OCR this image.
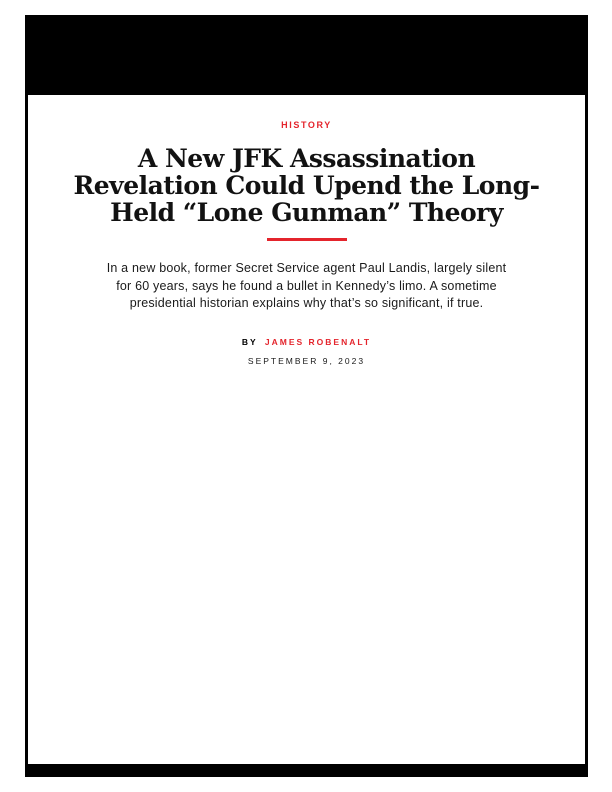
HISTORY
A New JFK Assassination
Revelation Could Upend the Long-
Held “Lone Gunman” Theory

In a new book, former Secret Service agent Paul Landis, largely silent
for 60 years, says he found a bullet in Kennedy’s limo. A sometime
presidential historian explains why that’s so significant, if true.

BY JAMES ROBENALT
SEPTEMBER 9, 2023
